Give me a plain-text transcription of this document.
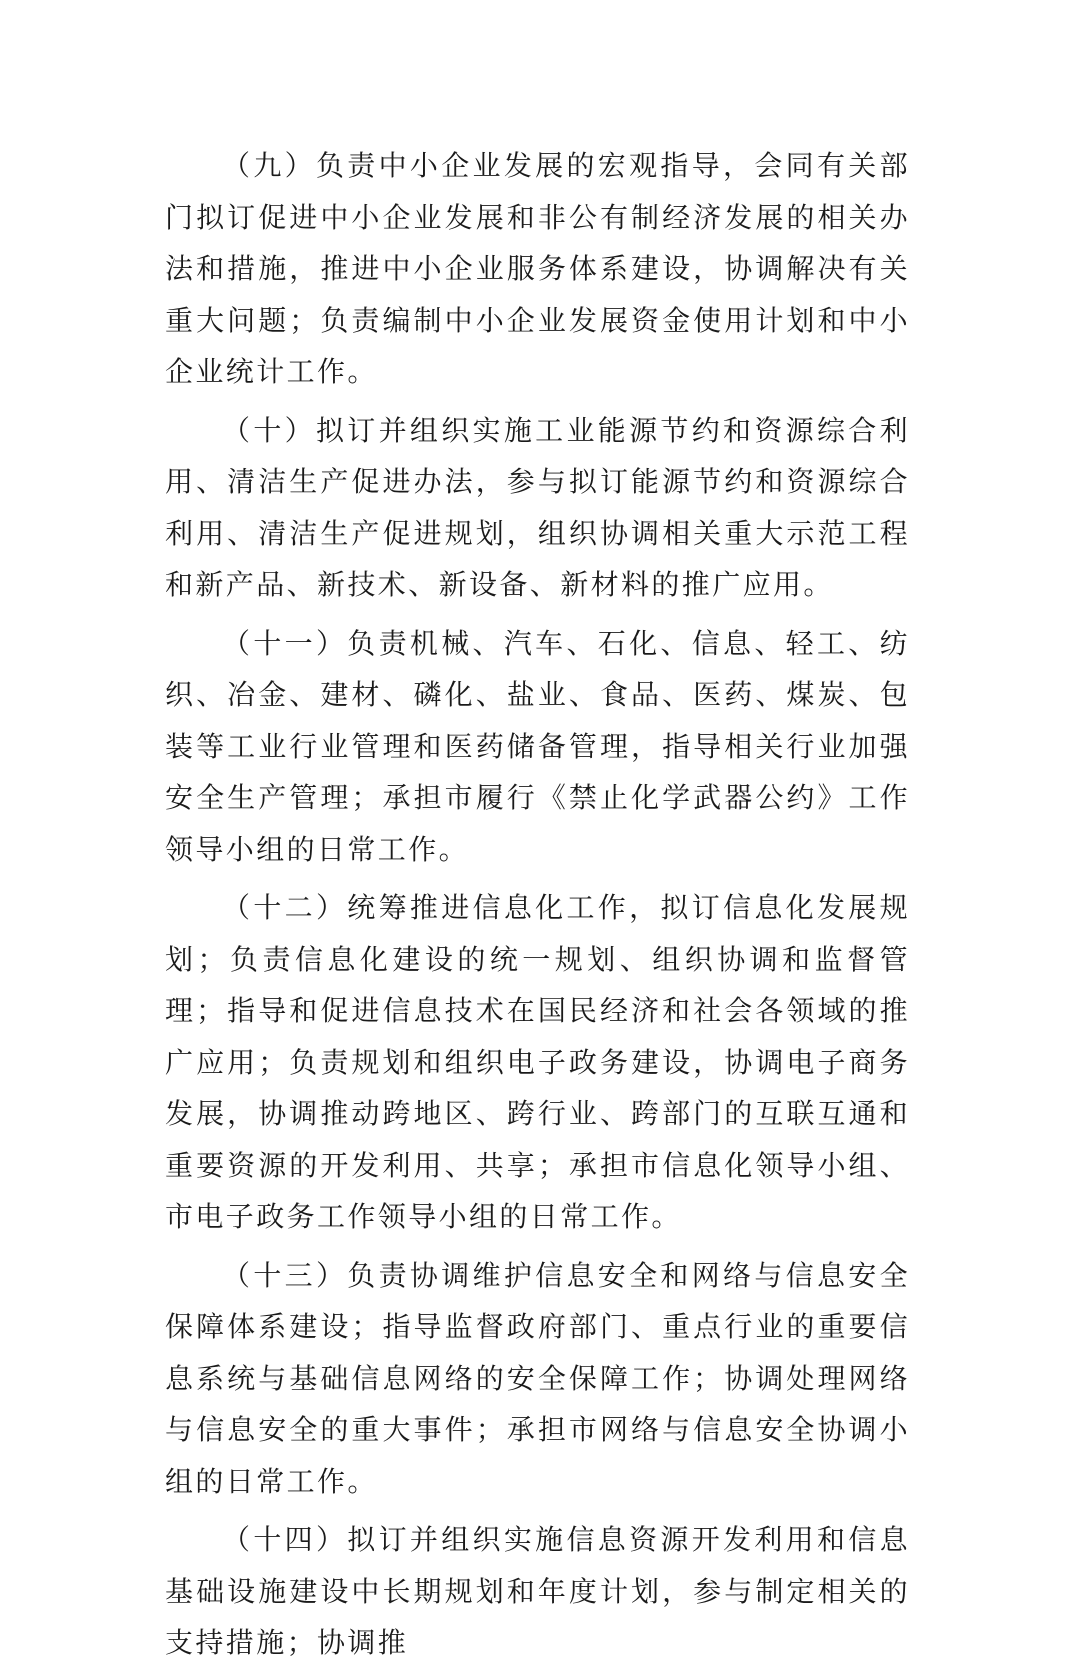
（九）负责中小企业发展的宏观指导，会同有关部门拟订促进中小企业发展和非公有制经济发展的相关办法和措施，推进中小企业服务体系建设，协调解决有关重大问题；负责编制中小企业发展资金使用计划和中小企业统计工作。

（十）拟订并组织实施工业能源节约和资源综合利用、清洁生产促进办法，参与拟订能源节约和资源综合利用、清洁生产促进规划，组织协调相关重大示范工程和新产品、新技术、新设备、新材料的推广应用。

（十一）负责机械、汽车、石化、信息、轻工、纺织、冶金、建材、磷化、盐业、食品、医药、煤炭、包装等工业行业管理和医药储备管理，指导相关行业加强安全生产管理；承担市履行《禁止化学武器公约》工作领导小组的日常工作。

（十二）统筹推进信息化工作，拟订信息化发展规划；负责信息化建设的统一规划、组织协调和监督管理；指导和促进信息技术在国民经济和社会各领域的推广应用；负责规划和组织电子政务建设，协调电子商务发展，协调推动跨地区、跨行业、跨部门的互联互通和重要资源的开发利用、共享；承担市信息化领导小组、市电子政务工作领导小组的日常工作。

（十三）负责协调维护信息安全和网络与信息安全保障体系建设；指导监督政府部门、重点行业的重要信息系统与基础信息网络的安全保障工作；协调处理网络与信息安全的重大事件；承担市网络与信息安全协调小组的日常工作。

（十四）拟订并组织实施信息资源开发利用和信息基础设施建设中长期规划和年度计划，参与制定相关的支持措施；协调推
